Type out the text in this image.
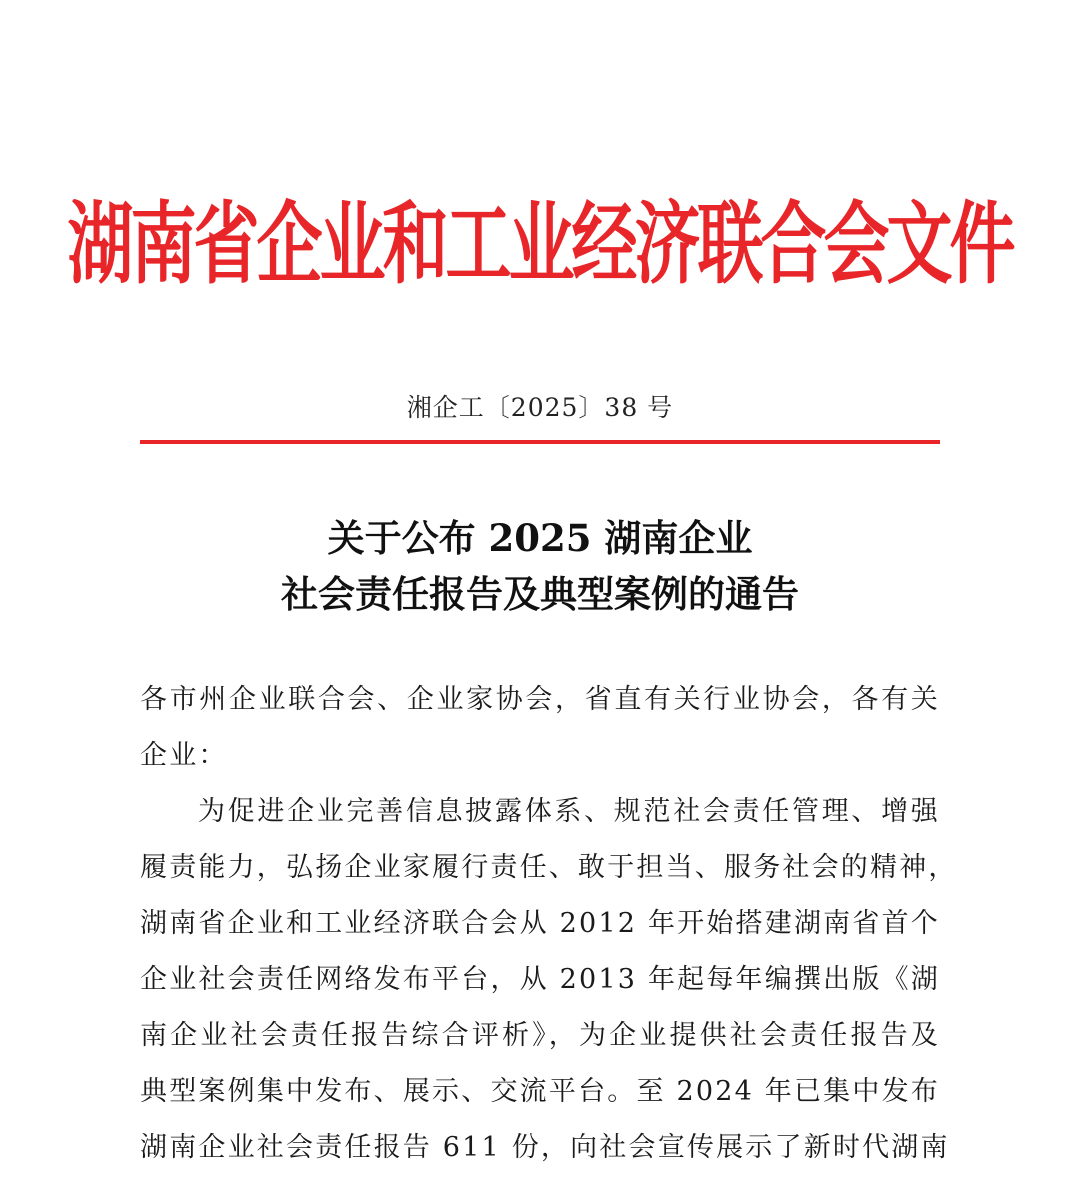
湖南省企业和工业经济联合会文件
湘企工〔2025〕38 号
关于公布 2025 湖南企业
社会责任报告及典型案例的通告
各市州企业联合会、企业家协会，省直有关行业协会，各有关
企业：
为促进企业完善信息披露体系、规范社会责任管理、增强
履责能力，弘扬企业家履行责任、敢于担当、服务社会的精神，
湖南省企业和工业经济联合会从 2012 年开始搭建湖南省首个
企业社会责任网络发布平台，从 2013 年起每年编撰出版《湖
南企业社会责任报告综合评析》，为企业提供社会责任报告及
典型案例集中发布、展示、交流平台。至 2024 年已集中发布
湖南企业社会责任报告 611 份，向社会宣传展示了新时代湖南
